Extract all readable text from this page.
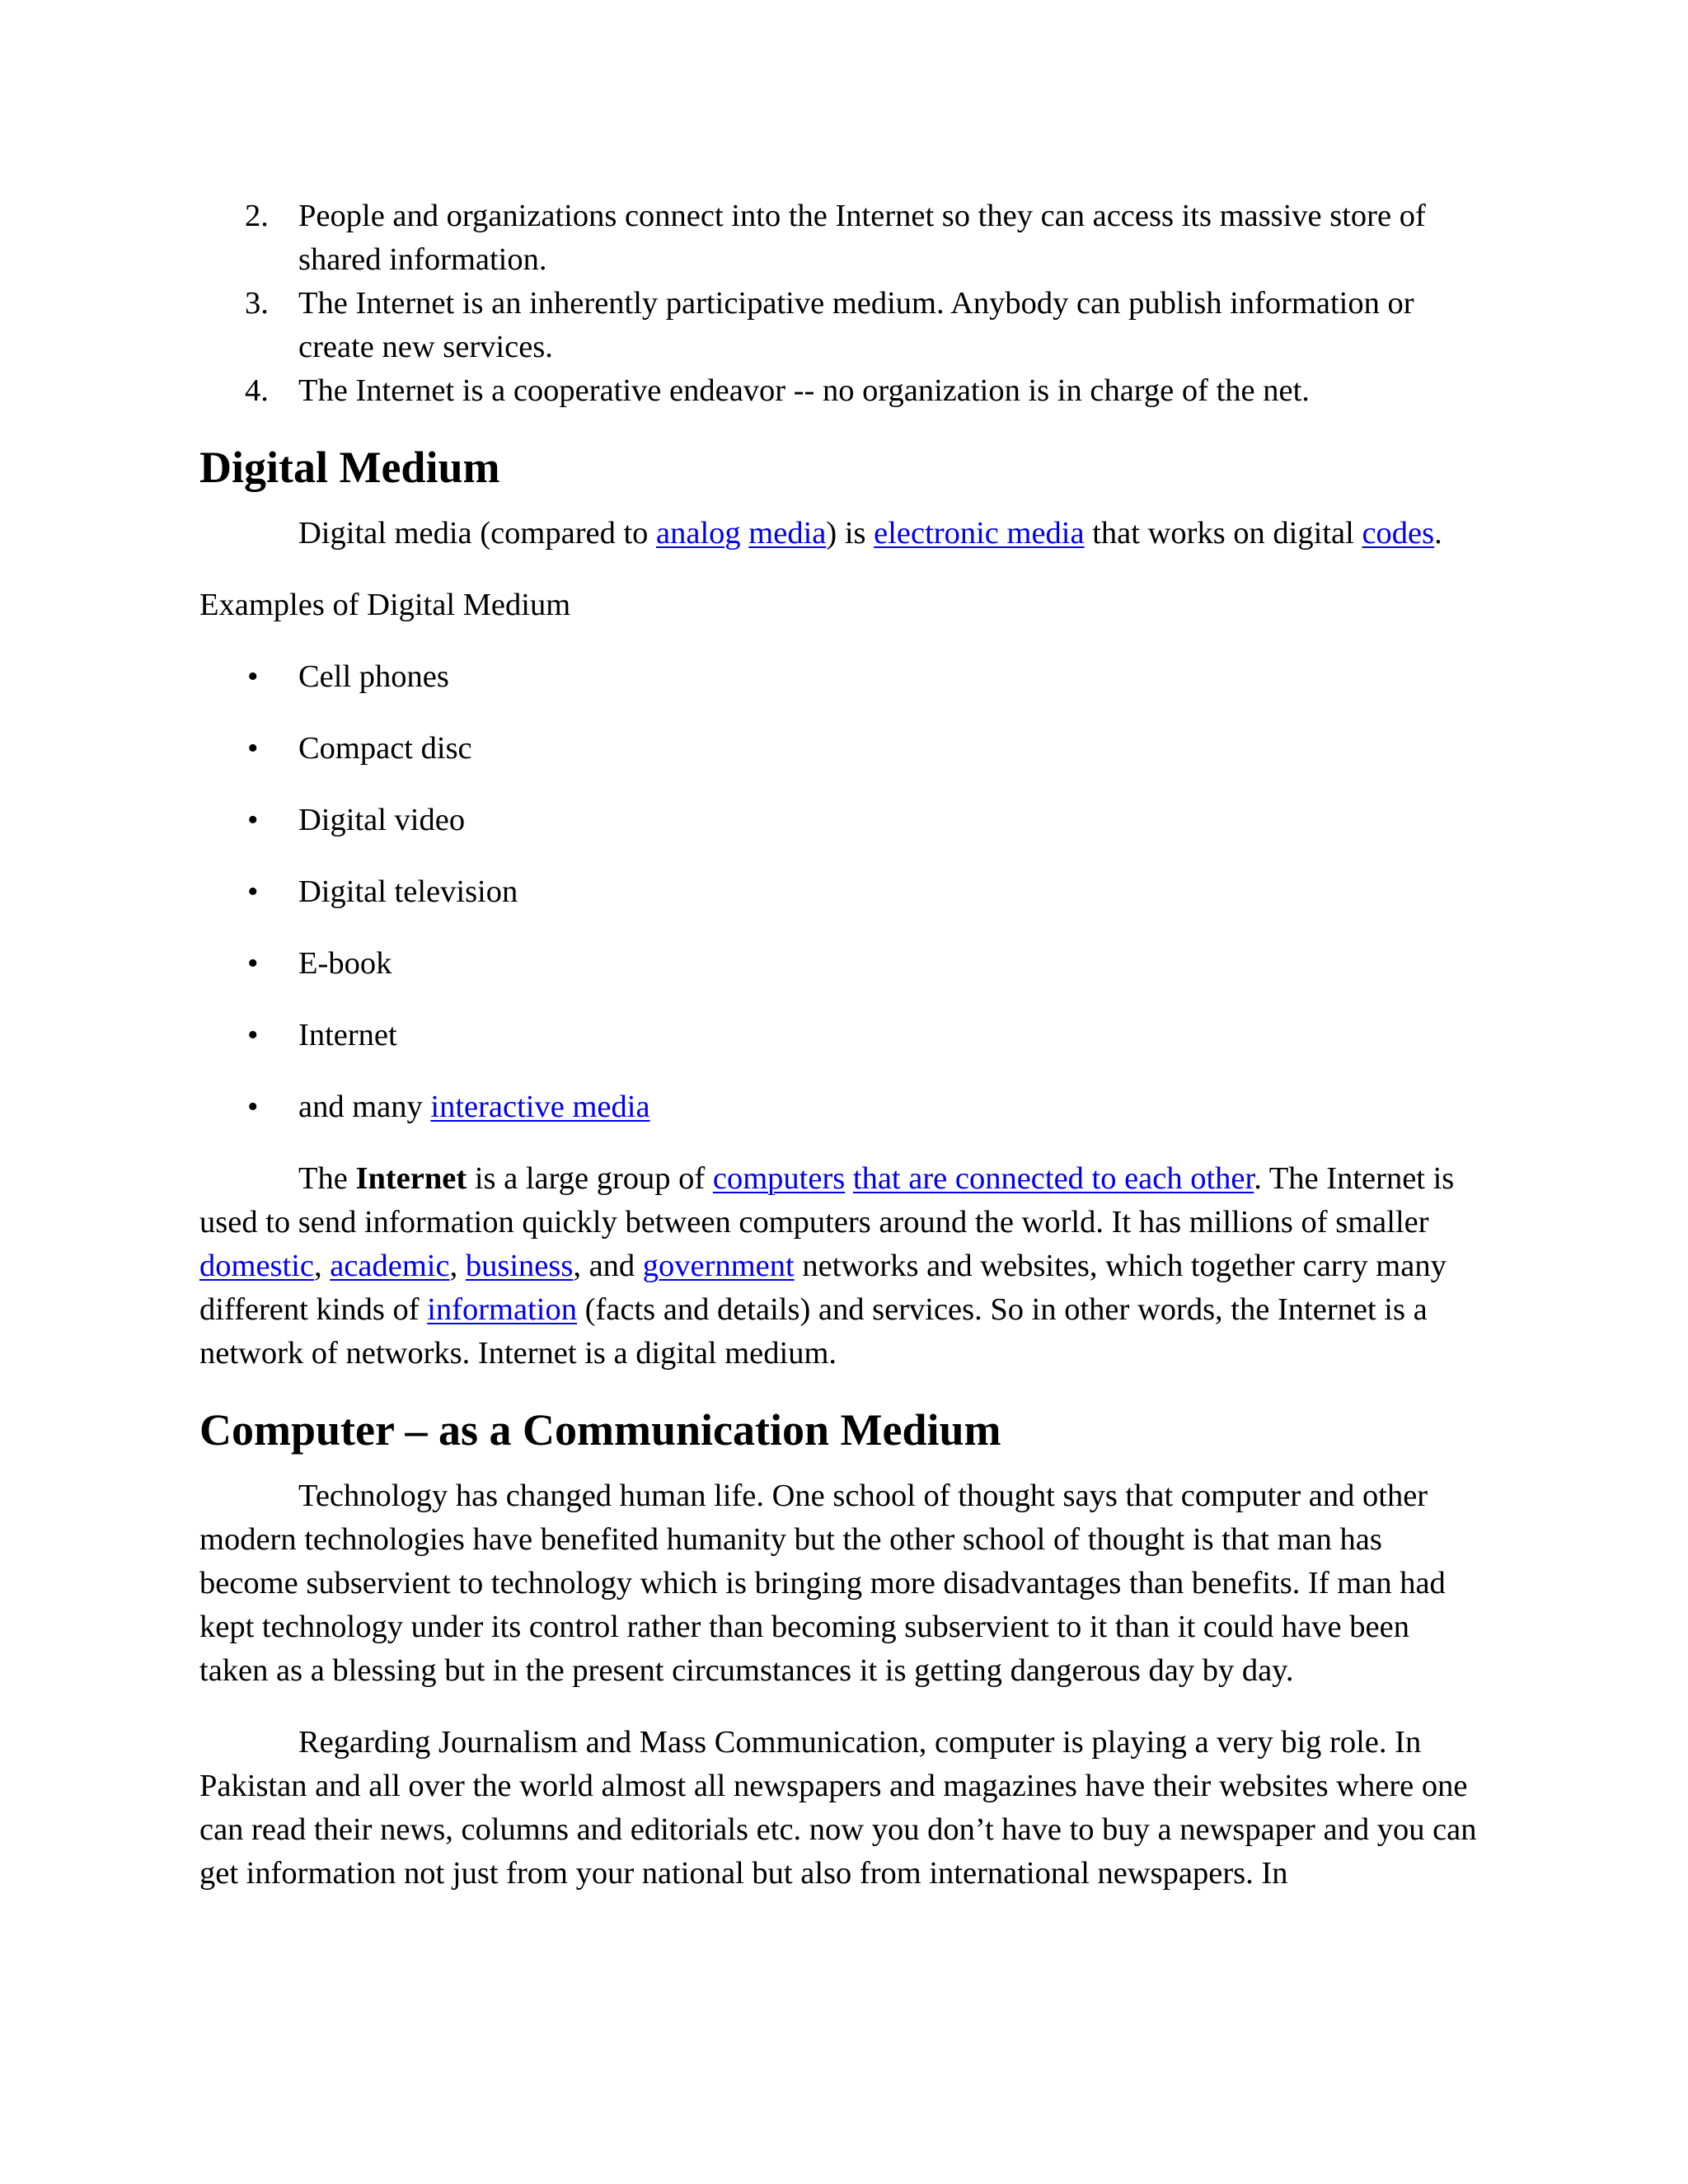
2. People and organizations connect into the Internet so they can access its massive store of shared information.
3. The Internet is an inherently participative medium. Anybody can publish information or create new services.
4. The Internet is a cooperative endeavor -- no organization is in charge of the net.
Digital Medium

Digital media (compared to analog media) is electronic media that works on digital codes.

Examples of Digital Medium

• Cell phones
• Compact disc
• Digital video
• Digital television
• E-book
• Internet
• and many interactive media

The Internet is a large group of computers that are connected to each other. The Internet is used to send information quickly between computers around the world. It has millions of smaller domestic, academic, business, and government networks and websites, which together carry many different kinds of information (facts and details) and services. So in other words, the Internet is a network of networks. Internet is a digital medium.

Computer – as a Communication Medium

Technology has changed human life. One school of thought says that computer and other modern technologies have benefited humanity but the other school of thought is that man has become subservient to technology which is bringing more disadvantages than benefits. If man had kept technology under its control rather than becoming subservient to it than it could have been taken as a blessing but in the present circumstances it is getting dangerous day by day.

Regarding Journalism and Mass Communication, computer is playing a very big role. In Pakistan and all over the world almost all newspapers and magazines have their websites where one can read their news, columns and editorials etc. now you don’t have to buy a newspaper and you can get information not just from your national but also from international newspapers. In
